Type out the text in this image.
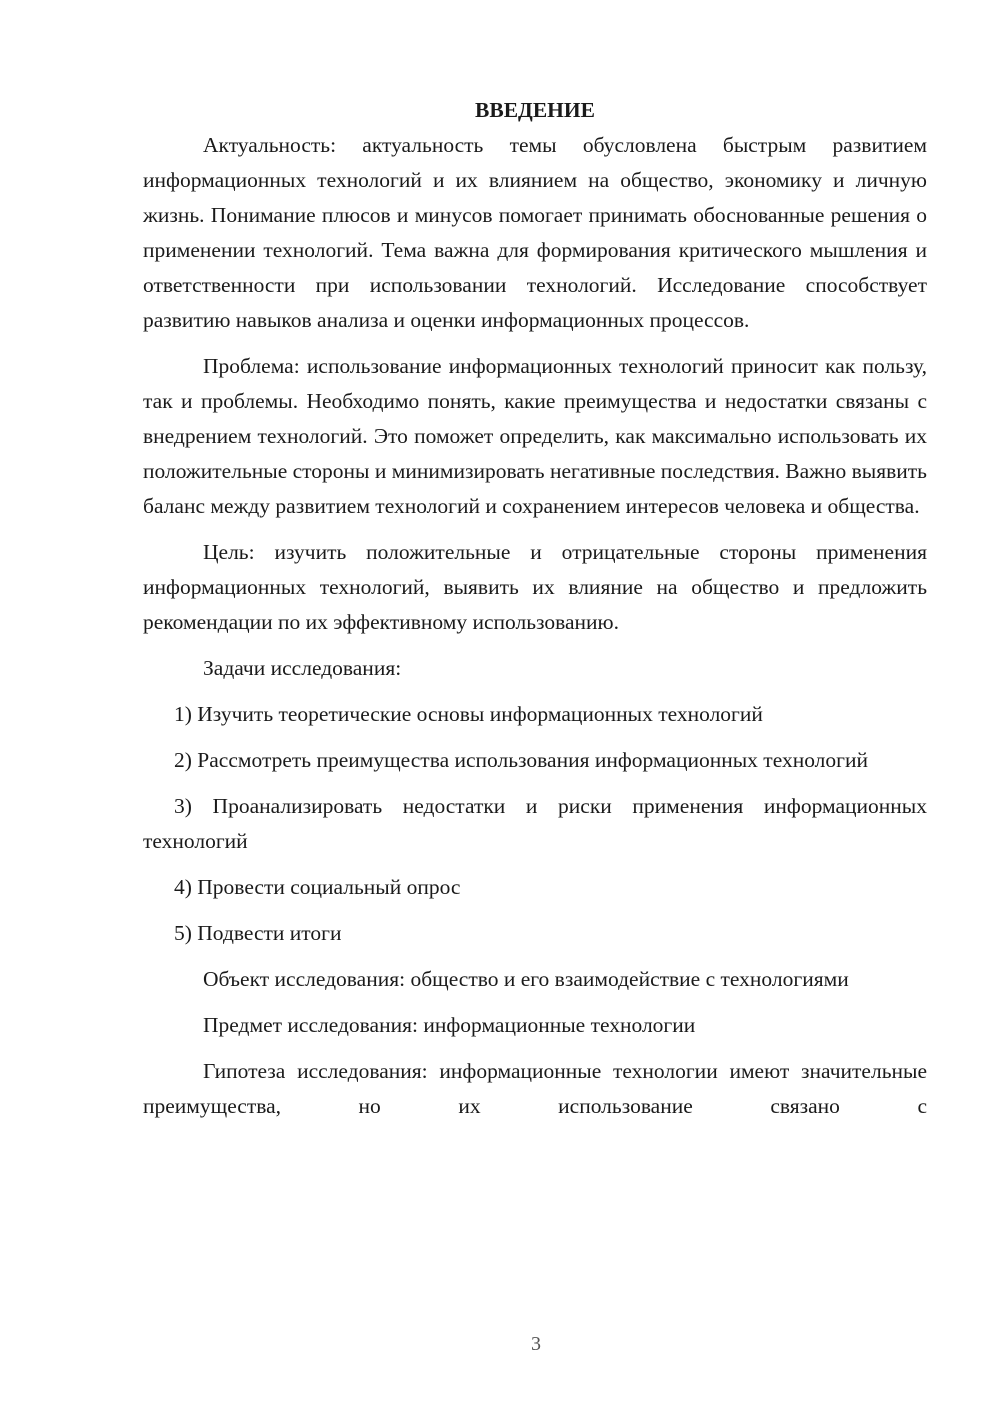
ВВЕДЕНИЕ

Актуальность: актуальность темы обусловлена быстрым развитием информационных технологий и их влиянием на общество, экономику и личную жизнь. Понимание плюсов и минусов помогает принимать обоснованные решения о применении технологий. Тема важна для формирования критического мышления и ответственности при использовании технологий. Исследование способствует развитию навыков анализа и оценки информационных процессов.

Проблема: использование информационных технологий приносит как пользу, так и проблемы. Необходимо понять, какие преимущества и недостатки связаны с внедрением технологий. Это поможет определить, как максимально использовать их положительные стороны и минимизировать негативные последствия. Важно выявить баланс между развитием технологий и сохранением интересов человека и общества.

Цель: изучить положительные и отрицательные стороны применения информационных технологий, выявить их влияние на общество и предложить рекомендации по их эффективному использованию.

Задачи исследования:

1) Изучить теоретические основы информационных технологий

2) Рассмотреть преимущества использования информационных технологий

3) Проанализировать недостатки и риски применения информационных технологий

4) Провести социальный опрос

5) Подвести итоги

Объект исследования: общество и его взаимодействие с технологиями

Предмет исследования: информационные технологии

Гипотеза исследования: информационные технологии имеют значительные преимущества, но их использование связано с

3
